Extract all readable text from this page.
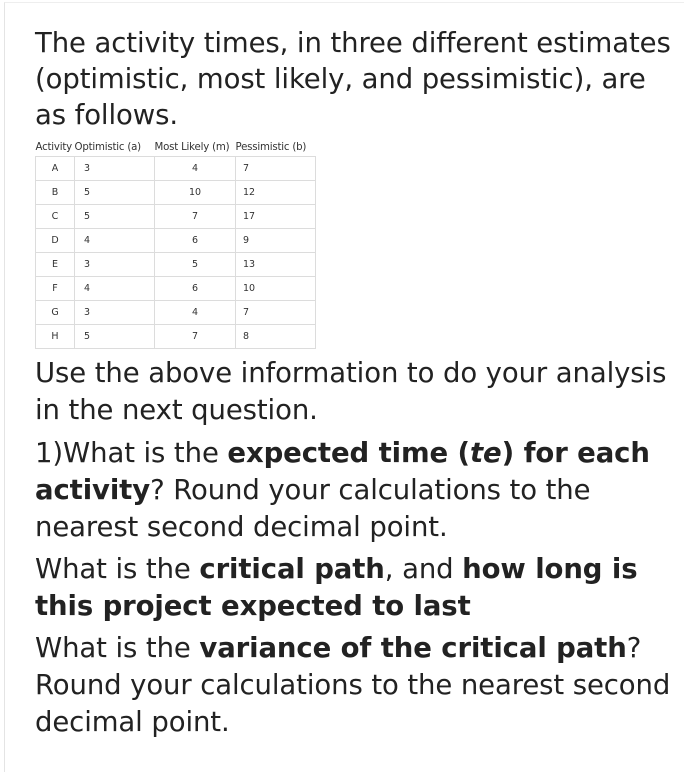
The activity times, in three different estimates (optimistic, most likely, and pessimistic), are as follows.

Activity	Optimistic (a)	Most Likely (m)	Pessimistic (b)
A	3	4	7
B	5	10	12
C	5	7	17
D	4	6	9
E	3	5	13
F	4	6	10
G	3	4	7
H	5	7	8

Use the above information to do your analysis in the next question.

1)What is the expected time (te) for each activity? Round your calculations to the nearest second decimal point.

What is the critical path, and how long is this project expected to last

What is the variance of the critical path? Round your calculations to the nearest second decimal point.
